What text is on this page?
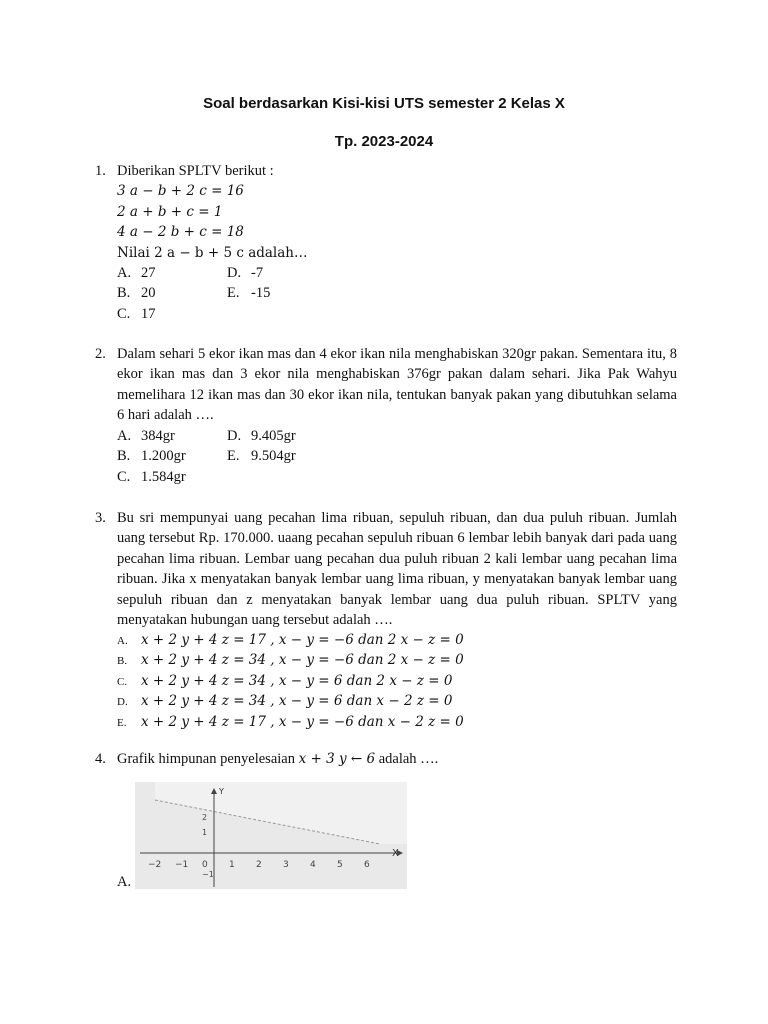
Soal berdasarkan Kisi-kisi UTS semester 2 Kelas X
Tp. 2023-2024
1. Diberikan SPLTV berikut :
3 a − b + 2 c = 16
2 a + b + c = 1
4 a − 2 b + c = 18
Nilai 2 a − b + 5 c adalah…
A. 27
B. 20
C. 17
D. -7
E. -15
2. Dalam sehari 5 ekor ikan mas dan 4 ekor ikan nila menghabiskan 320gr pakan. Sementara itu, 8 ekor ikan mas dan 3 ekor nila menghabiskan 376gr pakan dalam sehari. Jika Pak Wahyu memelihara 12 ikan mas dan 30 ekor ikan nila, tentukan banyak pakan yang dibutuhkan selama 6 hari adalah ….
A. 384gr
B. 1.200gr
C. 1.584gr
D. 9.405gr
E. 9.504gr
3. Bu sri mempunyai uang pecahan lima ribuan, sepuluh ribuan, dan dua puluh ribuan. Jumlah uang tersebut Rp. 170.000. uaang pecahan sepuluh ribuan 6 lembar lebih banyak dari pada uang pecahan lima ribuan. Lembar uang pecahan dua puluh ribuan 2 kali lembar uang pecahan lima ribuan. Jika x menyatakan banyak lembar uang lima ribuan, y menyatakan banyak lembar uang sepuluh ribuan dan z menyatakan banyak lembar uang dua puluh ribuan. SPLTV yang menyatakan hubungan uang tersebut adalah ….
A. x + 2 y + 4 z = 17 , x − y = −6 dan 2 x − z = 0
B. x + 2 y + 4 z = 34 , x − y = −6 dan 2 x − z = 0
C. x + 2 y + 4 z = 34 , x − y = 6 dan 2 x − z = 0
D. x + 2 y + 4 z = 34 , x − y = 6 dan x − 2 z = 0
E. x + 2 y + 4 z = 17 , x − y = −6 dan x − 2 z = 0
4. Grafik himpunan penyelesaian x + 3 y ← 6 adalah ….
A.
−2 −1 0 1 2 3 4 5 6
2
1
−1
Y
X
